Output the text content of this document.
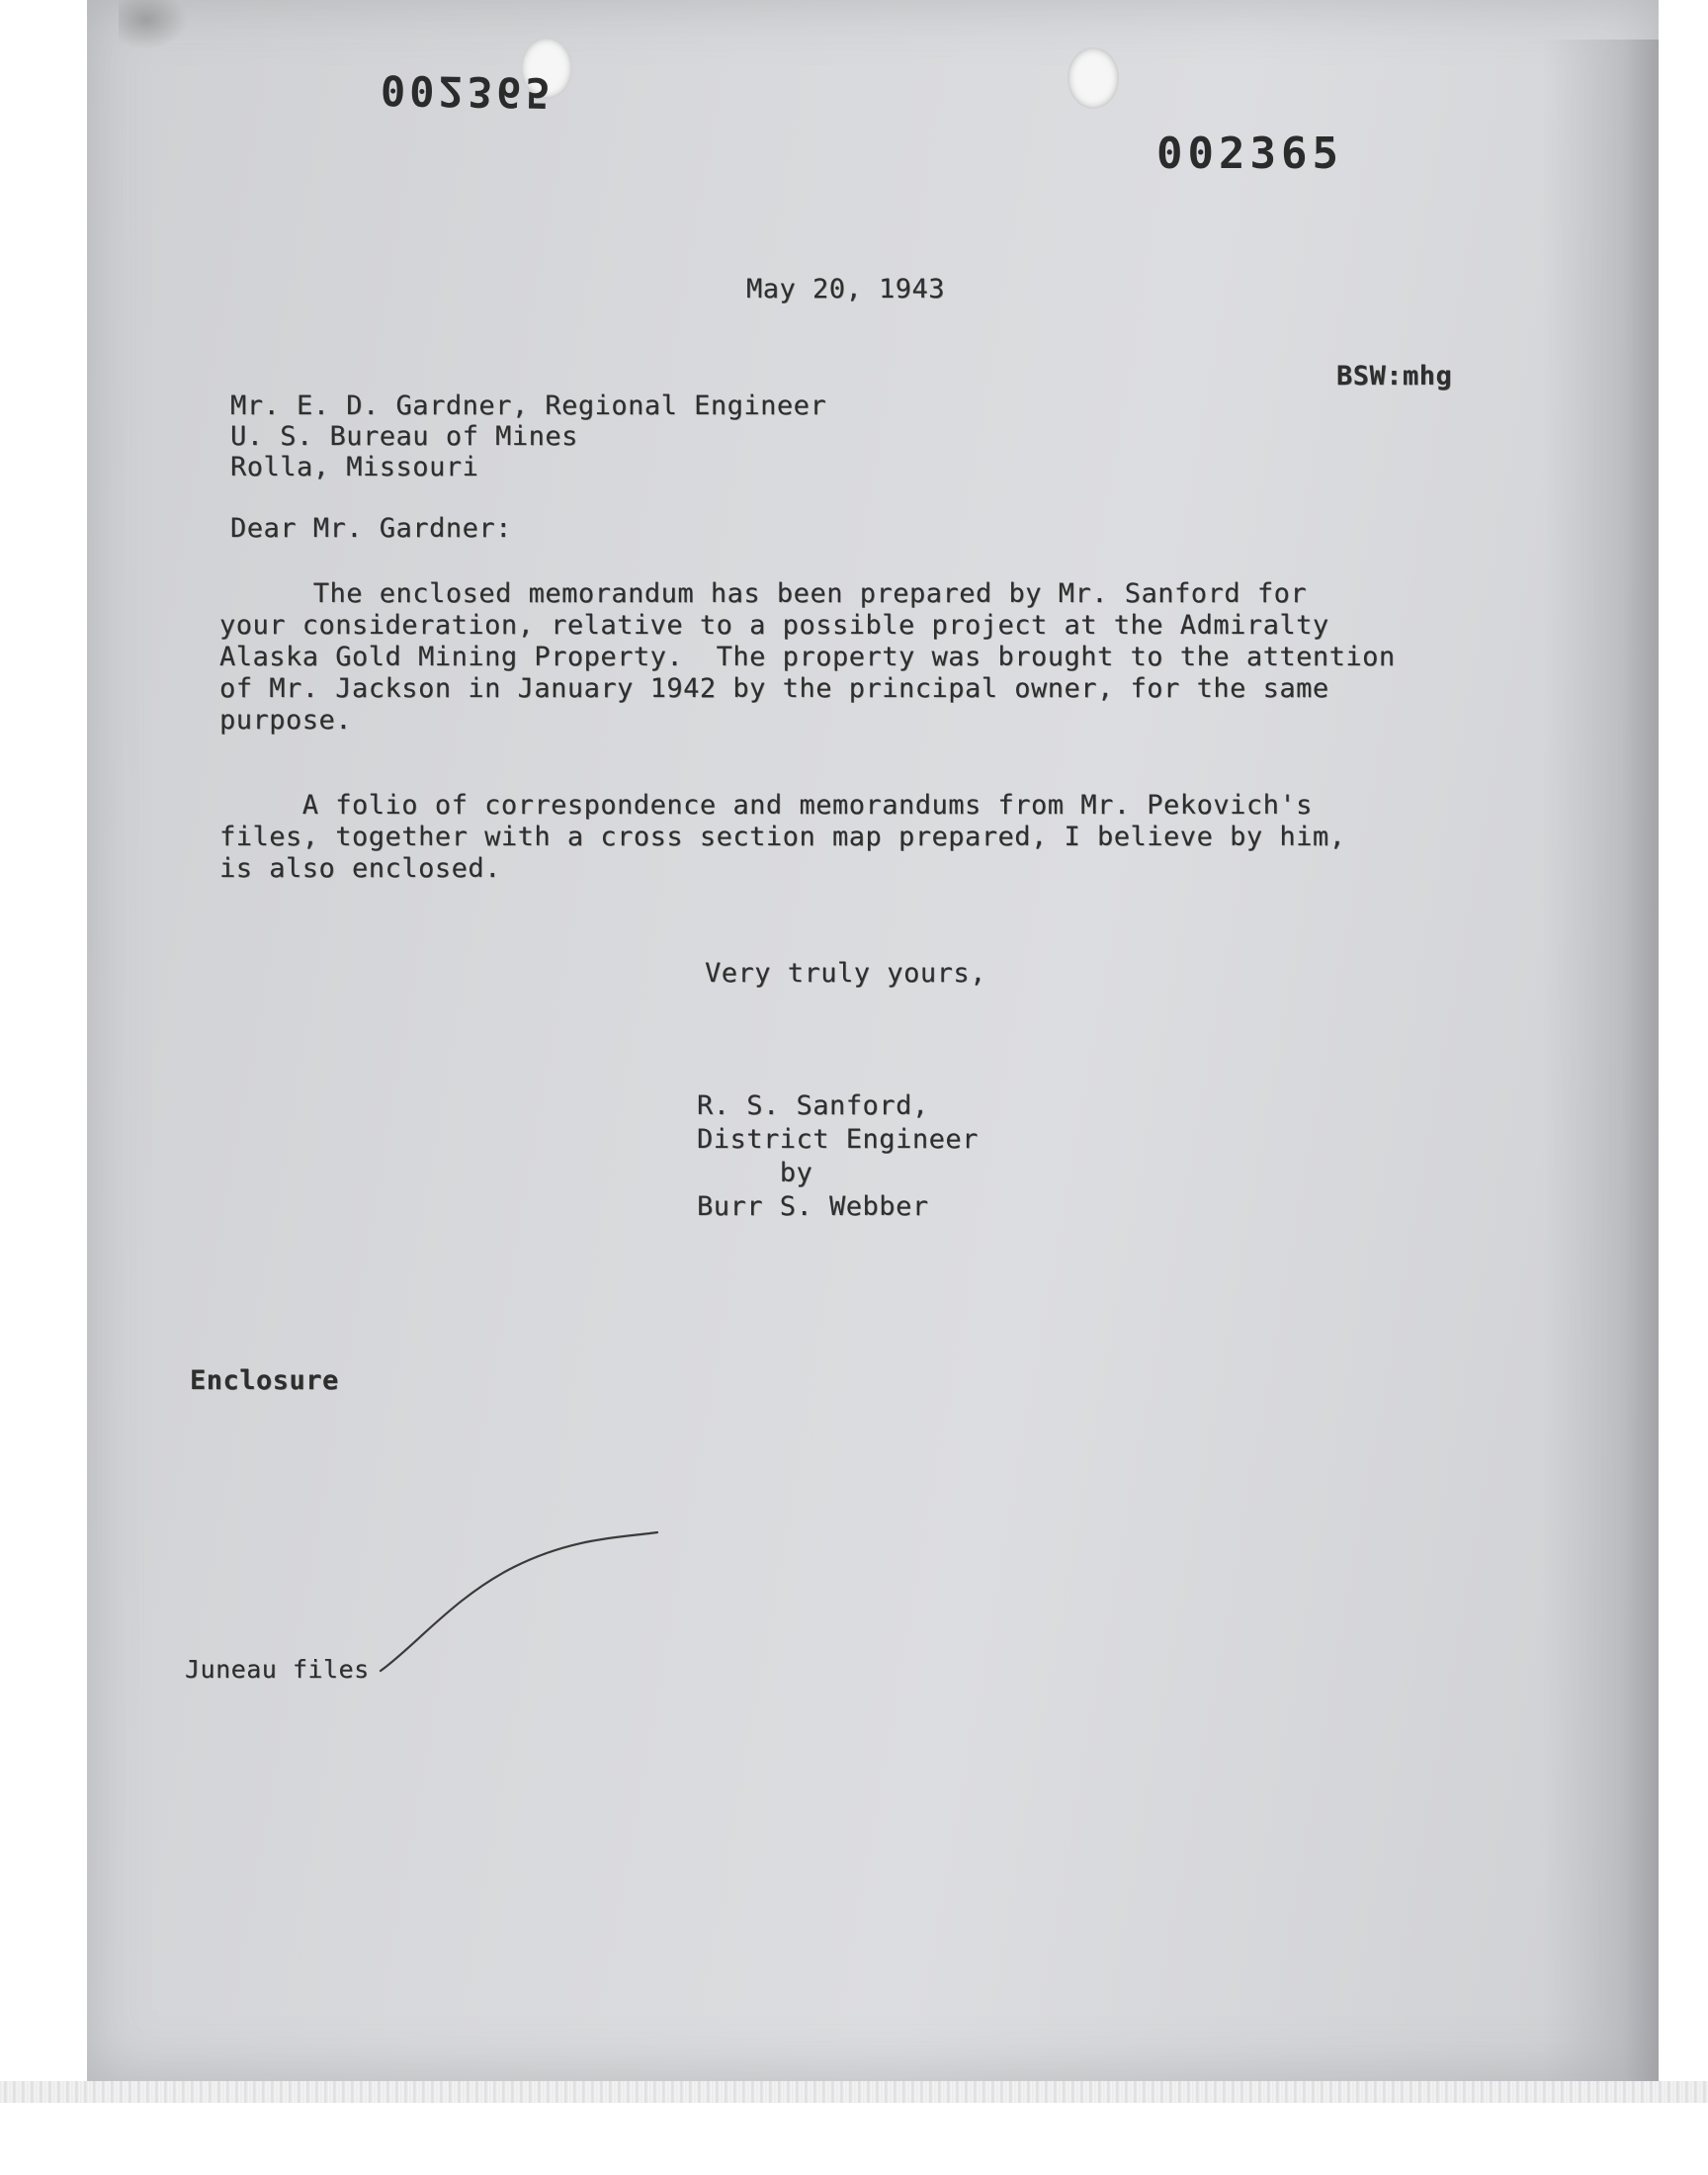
002365
002365
May 20, 1943
BSW:mhg
Mr. E. D. Gardner, Regional Engineer
U. S. Bureau of Mines
Rolla, Missouri
Dear Mr. Gardner:
The enclosed memorandum has been prepared by Mr. Sanford for
your consideration, relative to a possible project at the Admiralty
Alaska Gold Mining Property.  The property was brought to the attention
of Mr. Jackson in January 1942 by the principal owner, for the same
purpose.
A folio of correspondence and memorandums from Mr. Pekovich's
files, together with a cross section map prepared, I believe by him,
is also enclosed.
Very truly yours,
R. S. Sanford,
District Engineer
by
Burr S. Webber
Enclosure
Juneau files
